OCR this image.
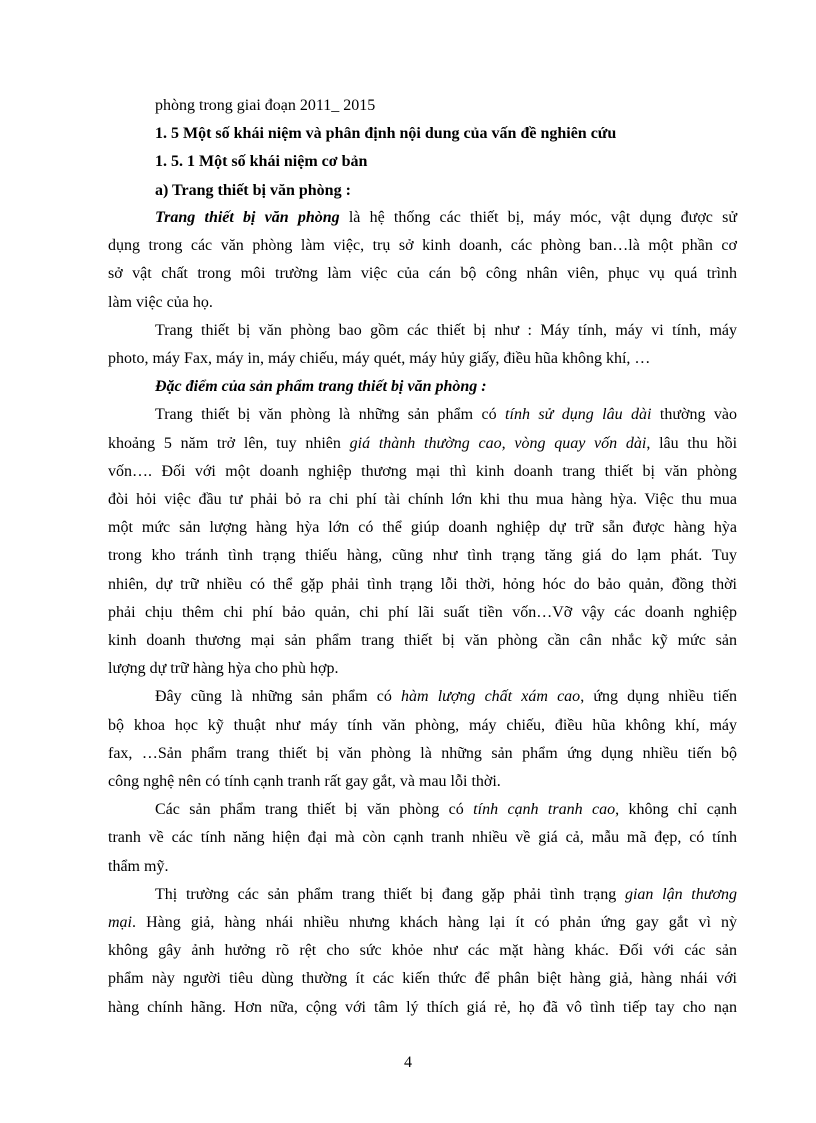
phòng trong giai đoạn 2011_ 2015
1. 5 Một số khái niệm và phân định nội dung của vấn đề nghiên cứu
1. 5. 1 Một số khái niệm cơ bản
a) Trang thiết bị văn phòng :
Trang thiết bị văn phòng là hệ thống các thiết bị, máy móc, vật dụng được sử
dụng trong các văn phòng làm việc, trụ sở kinh doanh, các phòng ban…là một phần cơ
sở vật chất trong môi trường làm việc của cán bộ công nhân viên, phục vụ quá trình
làm việc của họ.
Trang thiết bị văn phòng bao gồm các thiết bị như : Máy tính, máy vi tính, máy
photo, máy Fax, máy in, máy chiếu, máy quét, máy hủy giấy, điều hũa không khí, …
Đặc điểm của sản phẩm trang thiết bị văn phòng :
Trang thiết bị văn phòng là những sản phẩm có tính sử dụng lâu dài thường vào
khoảng 5 năm trở lên, tuy nhiên giá thành thường cao, vòng quay vốn dài, lâu thu hồi
vốn…. Đối với một doanh nghiệp thương mại thì kinh doanh trang thiết bị văn phòng
đòi hỏi việc đầu tư phải bỏ ra chi phí tài chính lớn khi thu mua hàng hỳa. Việc thu mua
một mức sản lượng hàng hỳa lớn có thể giúp doanh nghiệp dự trữ sẵn được hàng hỳa
trong kho tránh tình trạng thiếu hàng, cũng như tình trạng tăng giá do lạm phát. Tuy
nhiên, dự trữ nhiều có thể gặp phải tình trạng lỗi thời, hỏng hóc do bảo quản, đồng thời
phải chịu thêm chi phí bảo quản, chi phí lãi suất tiền vốn…Vỡ vậy các doanh nghiệp
kinh doanh thương mại sản phẩm trang thiết bị văn phòng cần cân nhắc kỹ mức sản
lượng dự trữ hàng hỳa cho phù hợp.
Đây cũng là những sản phẩm có hàm lượng chất xám cao, ứng dụng nhiều tiến
bộ khoa học kỹ thuật như máy tính văn phòng, máy chiếu, điều hũa không khí, máy
fax, …Sản phẩm trang thiết bị văn phòng là những sản phẩm ứng dụng nhiều tiến bộ
công nghệ nên có tính cạnh tranh rất gay gắt, và mau lỗi thời.
Các sản phẩm trang thiết bị văn phòng có tính cạnh tranh cao, không chỉ cạnh
tranh về các tính năng hiện đại mà còn cạnh tranh nhiều về giá cả, mẫu mã đẹp, có tính
thẩm mỹ.
Thị trường các sản phẩm trang thiết bị đang gặp phải tình trạng gian lận thương
mại. Hàng giả, hàng nhái nhiều nhưng khách hàng lại ít có phản ứng gay gắt vì nỳ
không gây ảnh hưởng rõ rệt cho sức khỏe như các mặt hàng khác. Đối với các sản
phẩm này người tiêu dùng thường ít các kiến thức để phân biệt hàng giả, hàng nhái với
hàng chính hãng. Hơn nữa, cộng với tâm lý thích giá rẻ, họ đã vô tình tiếp tay cho nạn
4
